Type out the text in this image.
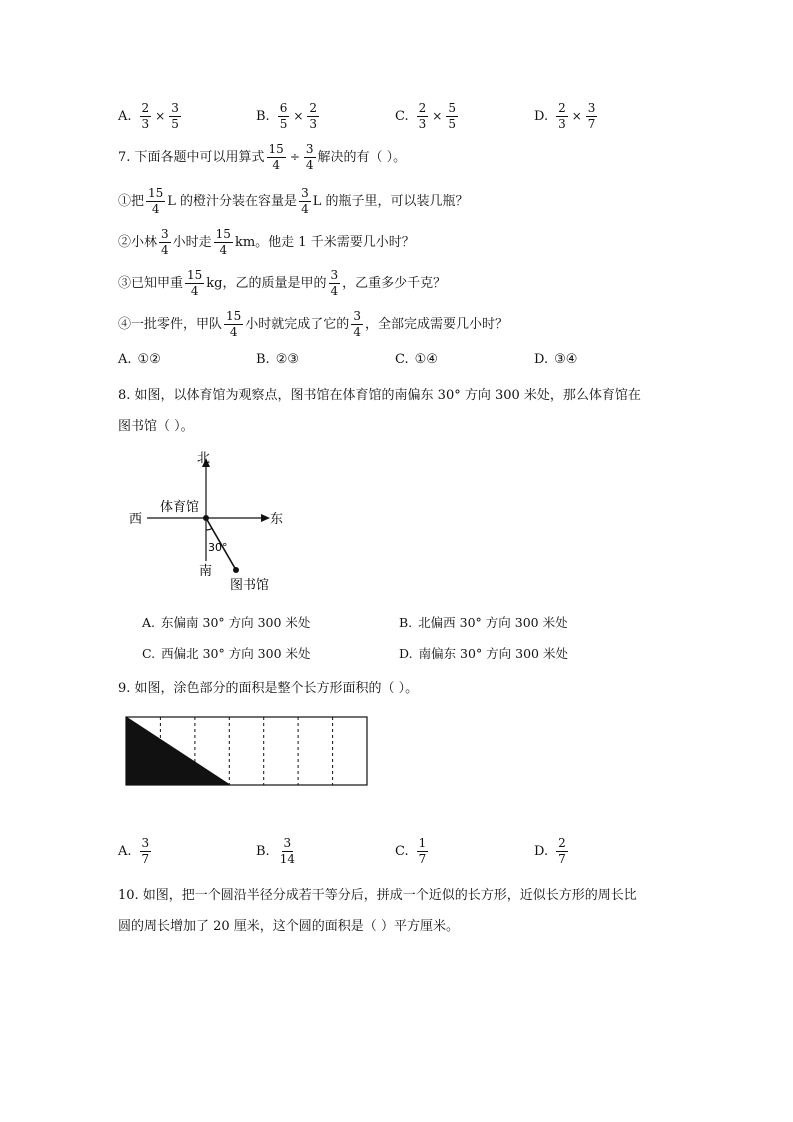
A. $\frac{2}{3} \times \frac{3}{5}$	B. $\frac{6}{5} \times \frac{2}{3}$	C. $\frac{2}{3} \times \frac{5}{5}$	D. $\frac{2}{3} \times \frac{3}{7}$
7. 下面各题中可以用算式 $\frac{15}{4} \div \frac{3}{4}$ 解决的有（ ）。
①把 $\frac{15}{4}$ L 的橙汁分装在容量是 $\frac{3}{4}$ L 的瓶子里，可以装几瓶？
②小林 $\frac{3}{4}$ 小时走 $\frac{15}{4}$ km。他走 1 千米需要几小时？
③已知甲重 $\frac{15}{4}$ kg，乙的质量是甲的 $\frac{3}{4}$ ，乙重多少千克？
④一批零件，甲队 $\frac{15}{4}$ 小时就完成了它的 $\frac{3}{4}$ ，全部完成需要几小时？
A. ①②	B. ②③	C. ①④	D. ③④
8. 如图，以体育馆为观察点，图书馆在体育馆的南偏东 30° 方向 300 米处，那么体育馆在
图书馆（ ）。
北
东
西
南
体育馆
图书馆
30°
A. 东偏南 30° 方向 300 米处	B. 北偏西 30° 方向 300 米处
C. 西偏北 30° 方向 300 米处	D. 南偏东 30° 方向 300 米处
9. 如图，涂色部分的面积是整个长方形面积的（ ）。
A. $\frac{3}{7}$	B. $\frac{3}{14}$	C. $\frac{1}{7}$	D. $\frac{2}{7}$
10. 如图，把一个圆沿半径分成若干等分后，拼成一个近似的长方形，近似长方形的周长比
圆的周长增加了 20 厘米，这个圆的面积是（ ）平方厘米。
